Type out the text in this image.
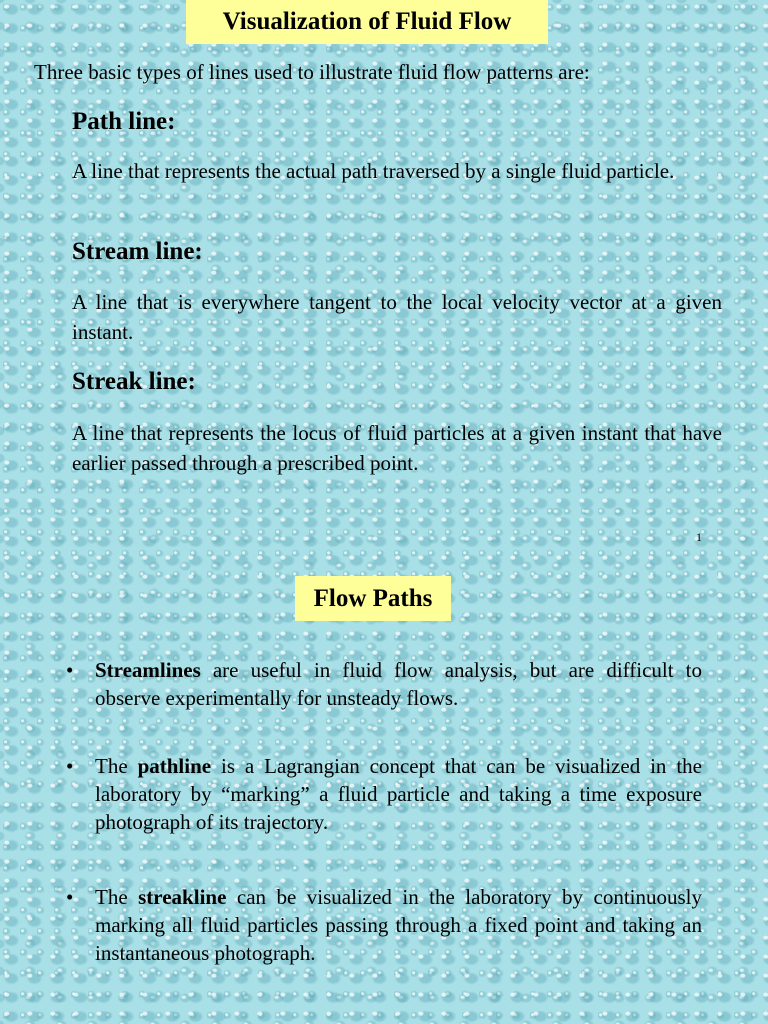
Visualization of Fluid Flow
Three basic types of lines used to illustrate fluid flow patterns are:
Path line:
A line that represents the actual path traversed by a single fluid particle.
Stream line:
A line that is everywhere tangent to the local velocity vector at a given instant.
Streak line:
A line that represents the locus of fluid particles at a given instant that have earlier passed through a prescribed point.
1
Flow Paths
•	Streamlines are useful in fluid flow analysis, but are difficult to observe experimentally for unsteady flows.
•	The pathline is a Lagrangian concept that can be visualized in the laboratory by “marking” a fluid particle and taking a time exposure photograph of its trajectory.
•	The streakline can be visualized in the laboratory by continuously marking all fluid particles passing through a fixed point and taking an instantaneous photograph.
